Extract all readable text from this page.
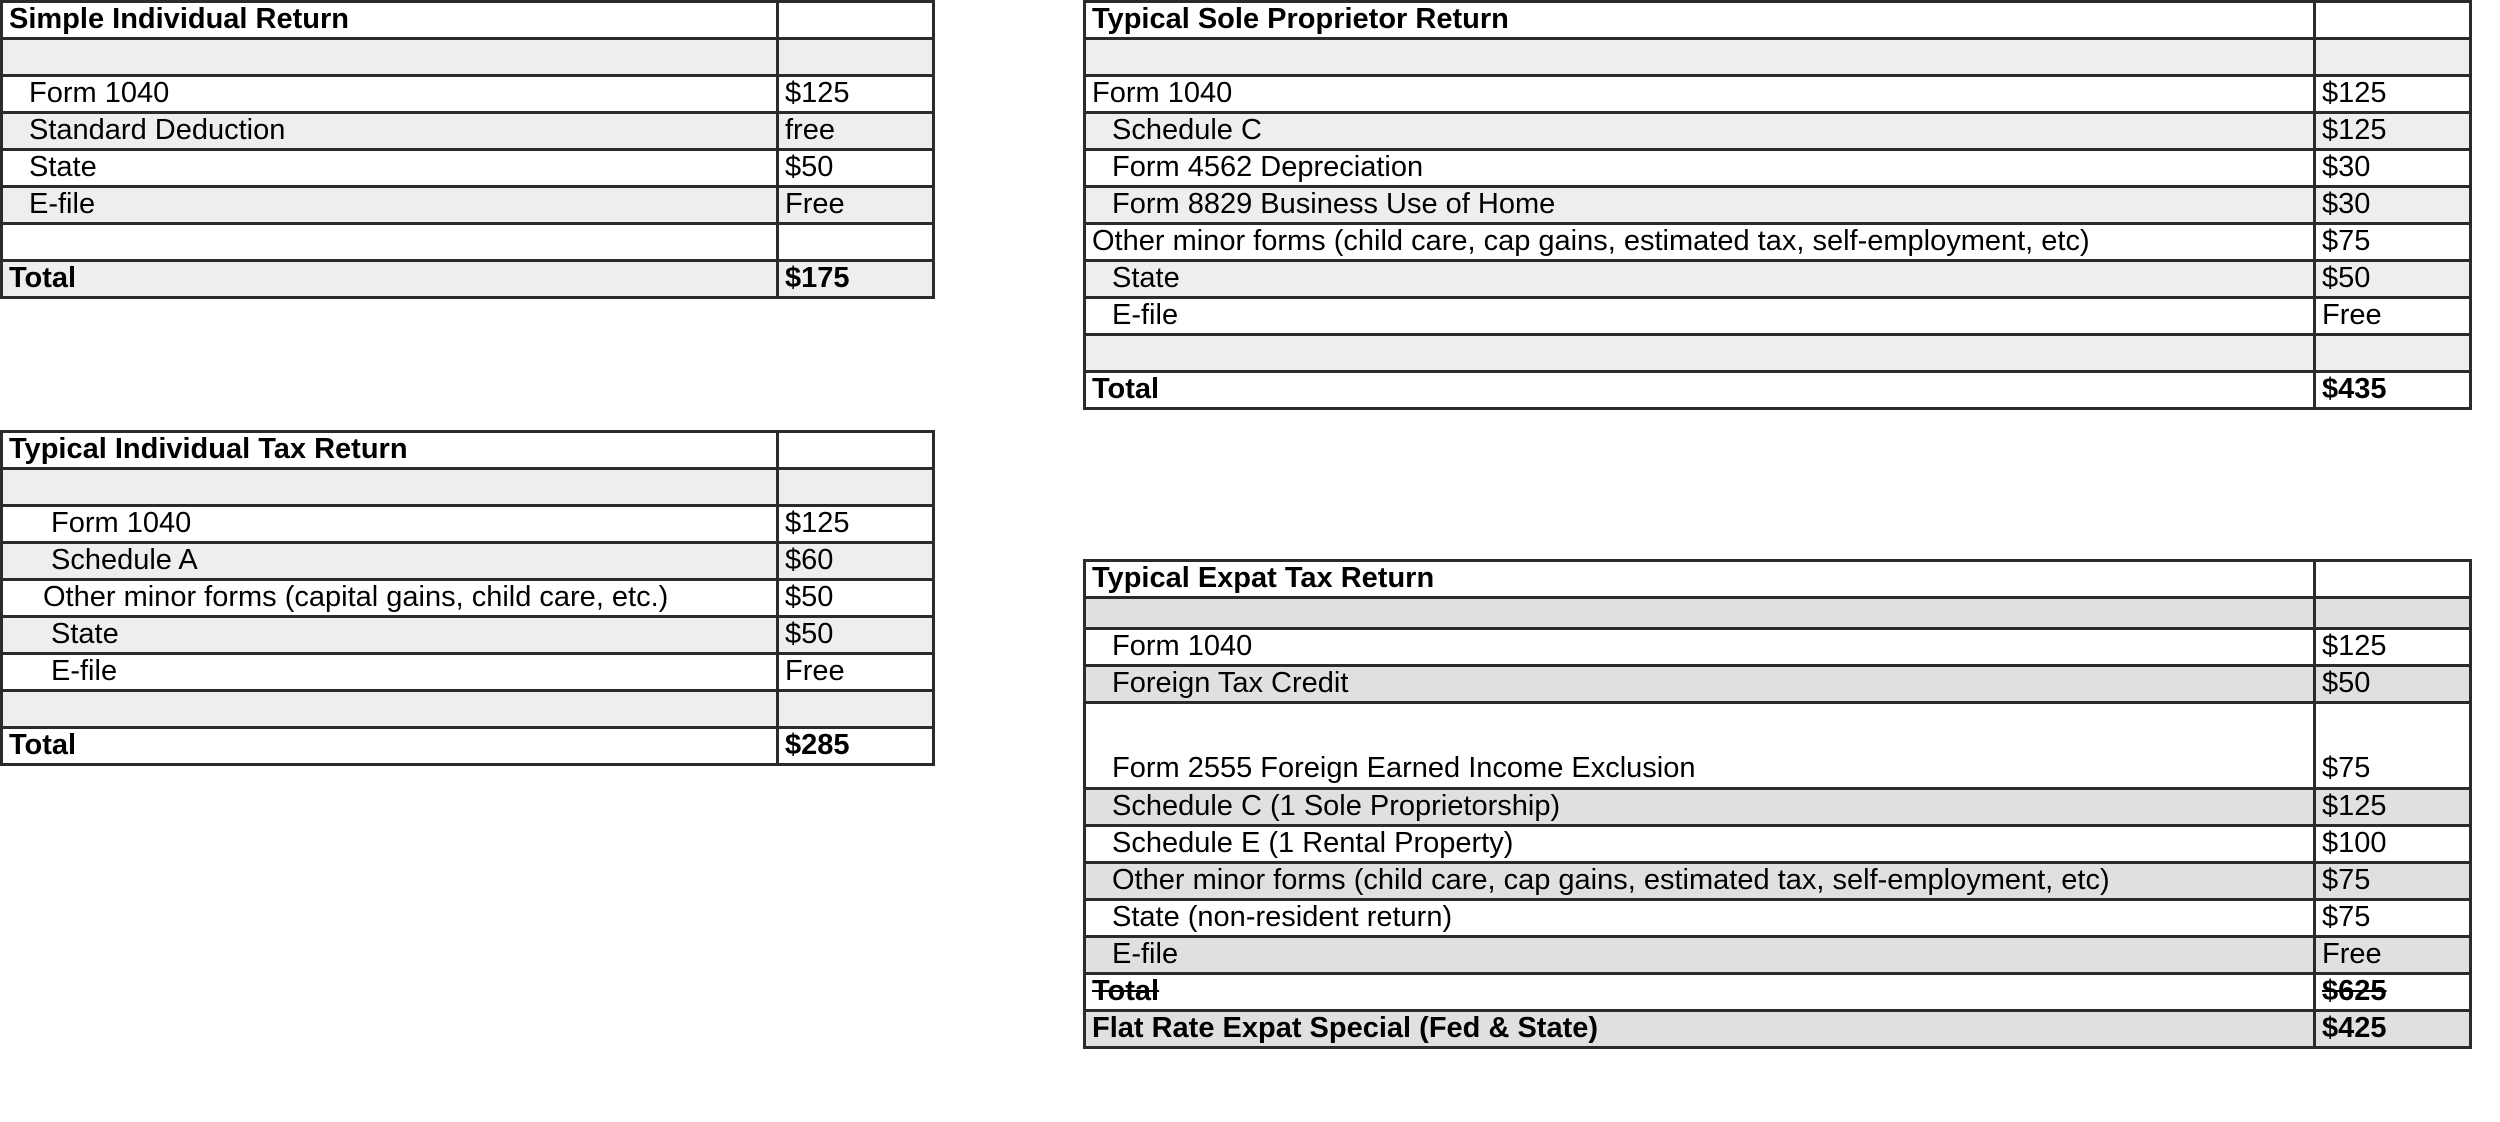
Simple Individual Return	

Form 1040	$125
Standard Deduction	free
State	$50
E-file	Free

Total	$175
Typical Individual Tax Return	

Form 1040	$125
Schedule A	$60
Other minor forms (capital gains, child care, etc.)	$50
State	$50
E-file	Free

Total	$285
Typical Sole Proprietor Return	

Form 1040	$125
Schedule C	$125
Form 4562 Depreciation	$30
Form 8829 Business Use of Home	$30
Other minor forms (child care, cap gains, estimated tax, self-employment, etc)	$75
State	$50
E-file	Free

Total	$435
Typical Expat Tax Return	

Form 1040	$125
Foreign Tax Credit	$50
Form 2555 Foreign Earned Income Exclusion	$75
Schedule C (1 Sole Proprietorship)	$125
Schedule E (1 Rental Property)	$100
Other minor forms (child care, cap gains, estimated tax, self-employment, etc)	$75
State (non-resident return)	$75
E-file	Free
Total	$625
Flat Rate Expat Special (Fed & State)	$425
